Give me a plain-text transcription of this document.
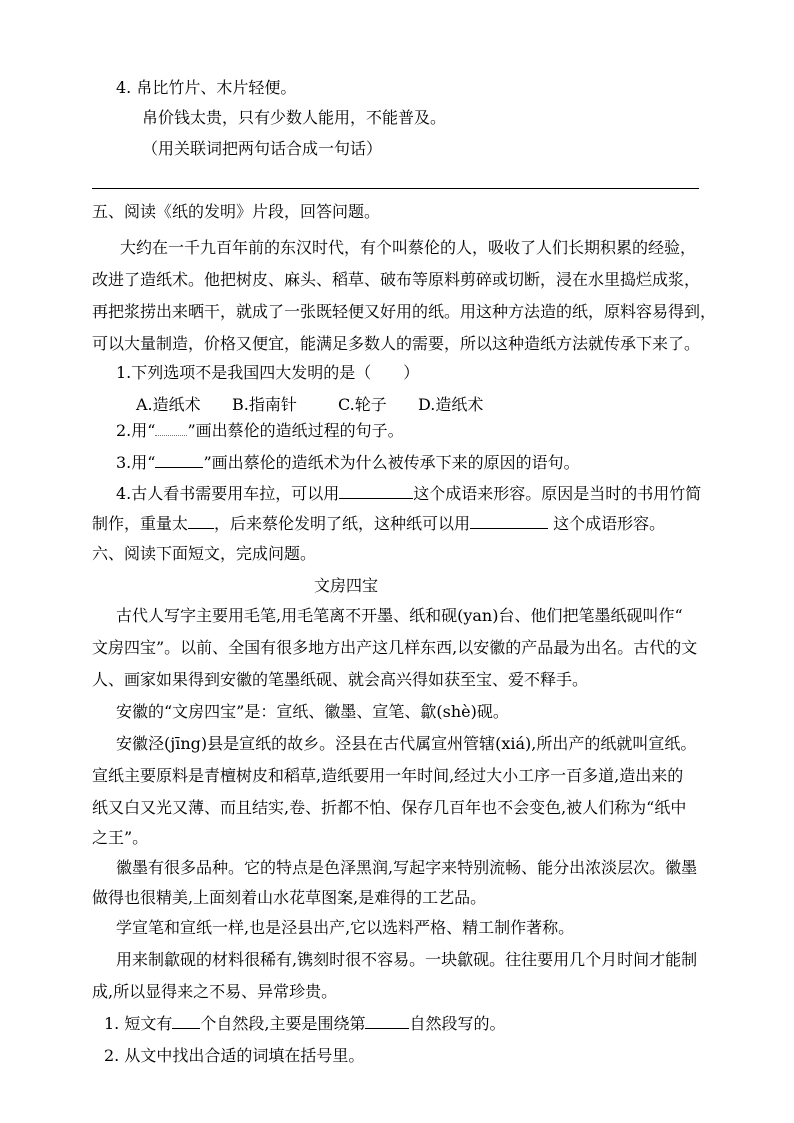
4. 帛比竹片、木片轻便。
帛价钱太贵，只有少数人能用，不能普及。
（用关联词把两句话合成一句话）
五、阅读《纸的发明》片段，回答问题。
大约在一千九百年前的东汉时代，有个叫蔡伦的人，吸收了人们长期积累的经验，
改进了造纸术。他把树皮、麻头、稻草、破布等原料剪碎或切断，浸在水里捣烂成浆，
再把浆捞出来晒干，就成了一张既轻便又好用的纸。用这种方法造的纸，原料容易得到，
可以大量制造，价格又便宜，能满足多数人的需要，所以这种造纸方法就传承下来了。
1.下列选项不是我国四大发明的是（　　）
A.造纸术 B.指南针	C.轮子 D.造纸术
2.用“ ”画出蔡伦的造纸过程的句子。
3.用“	”画出蔡伦的造纸术为什么被传承下来的原因的语句。
4.古人看书需要用车拉，可以用	这个成语来形容。原因是当时的书用竹简
制作，重量太 ，后来蔡伦发明了纸，这种纸可以用	这个成语形容。
六、阅读下面短文，完成问题。
文房四宝
古代人写字主要用毛笔,用毛笔离不开墨、纸和砚(yan)台、他们把笔墨纸砚叫作“
文房四宝”。以前、全国有很多地方出产这几样东西,以安徽的产品最为出名。古代的文
人、画家如果得到安徽的笔墨纸砚、就会高兴得如获至宝、爱不释手。
安徽的“文房四宝”是：宣纸、徽墨、宣笔、歙(shè)砚。
安徽泾(jīng)县是宣纸的故乡。泾县在古代属宣州管辖(xiá),所出产的纸就叫宣纸。
宣纸主要原料是青檀树皮和稻草,造纸要用一年时间,经过大小工序一百多道,造出来的
纸又白又光又薄、而且结实,卷、折都不怕、保存几百年也不会变色,被人们称为“纸中
之王”。
徽墨有很多品种。它的特点是色泽黑润,写起字来特别流畅、能分出浓淡层次。徽墨
做得也很精美,上面刻着山水花草图案,是难得的工艺品。
学宣笔和宣纸一样,也是泾县出产,它以选料严格、精工制作著称。
用来制歙砚的材料很稀有,镌刻时很不容易。一块歙砚。往往要用几个月时间才能制
成,所以显得来之不易、异常珍贵。
1. 短文有 个自然段,主要是围绕第	自然段写的。
2. 从文中找出合适的词填在括号里。
